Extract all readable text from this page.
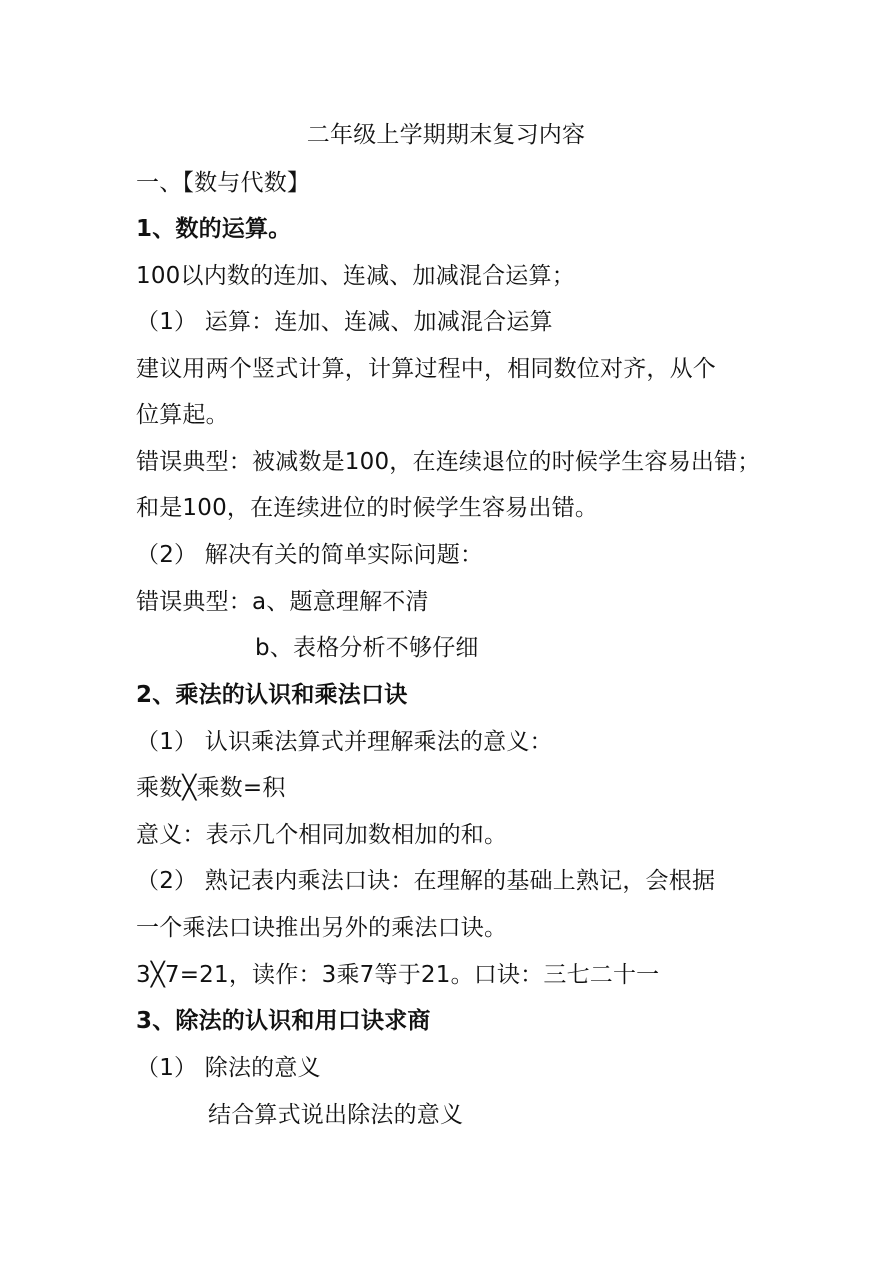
二年级上学期期末复习内容
一、【数与代数】
1、数的运算。
100以内数的连加、连减、加减混合运算；
（1） 运算：连加、连减、加减混合运算
建议用两个竖式计算，计算过程中，相同数位对齐，从个
位算起。
错误典型：被减数是100，在连续退位的时候学生容易出错；
和是100，在连续进位的时候学生容易出错。
（2） 解决有关的简单实际问题：
错误典型：a、题意理解不清
b、表格分析不够仔细
2、乘法的认识和乘法口诀
（1） 认识乘法算式并理解乘法的意义：
乘数╳乘数=积
意义：表示几个相同加数相加的和。
（2） 熟记表内乘法口诀：在理解的基础上熟记，会根据
一个乘法口诀推出另外的乘法口诀。
3╳7=21，读作：3乘7等于21。口诀：三七二十一
3、除法的认识和用口诀求商
（1） 除法的意义
结合算式说出除法的意义
